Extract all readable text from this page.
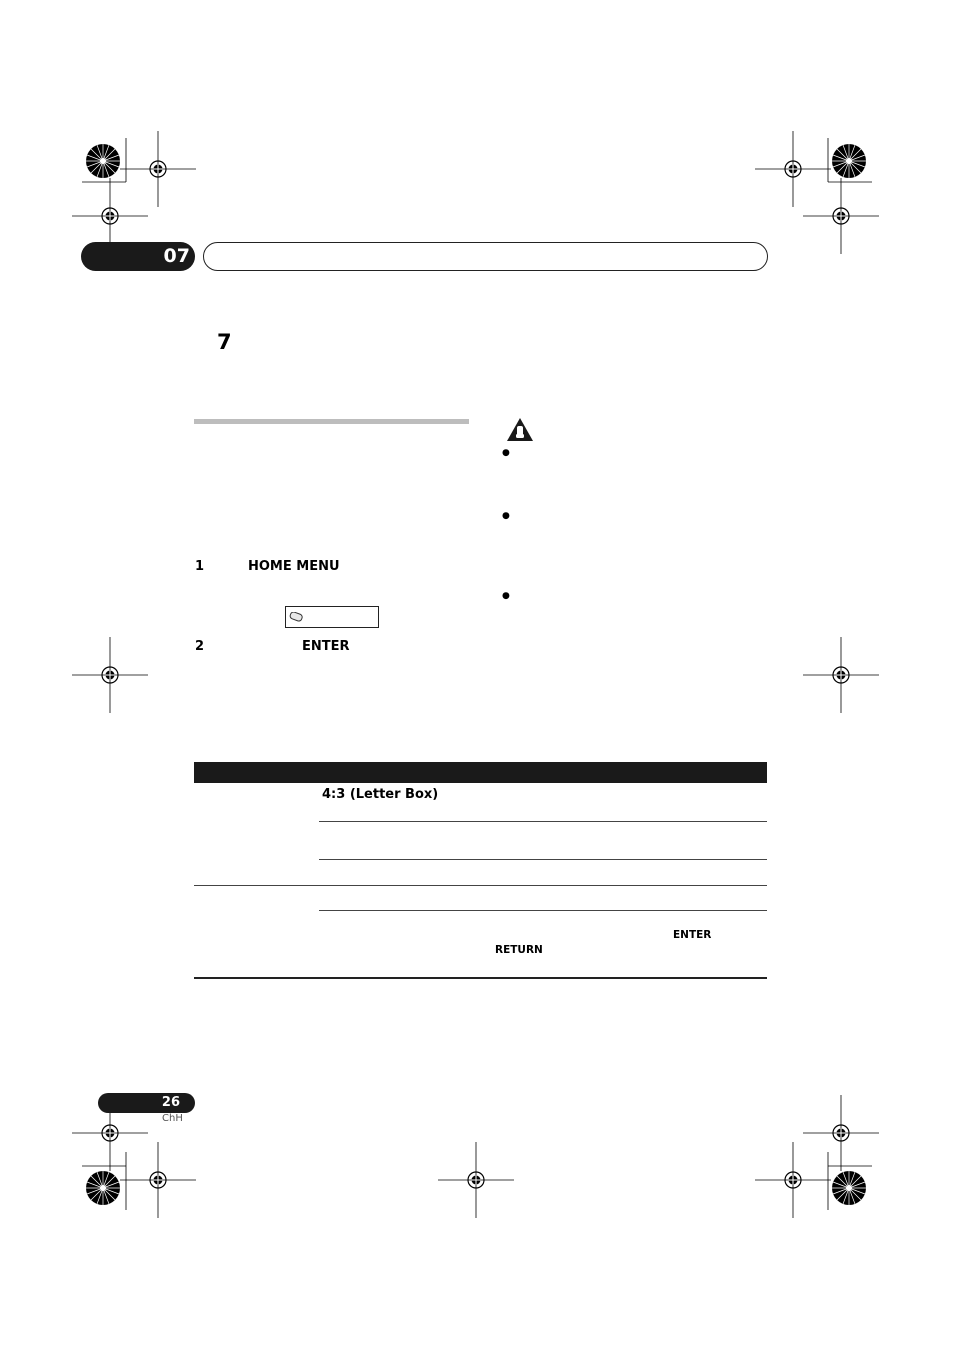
07
7
1	HOME MENU
2	ENTER
●
●
●
4:3 (Letter Box)
ENTER
RETURN
26
ChH
